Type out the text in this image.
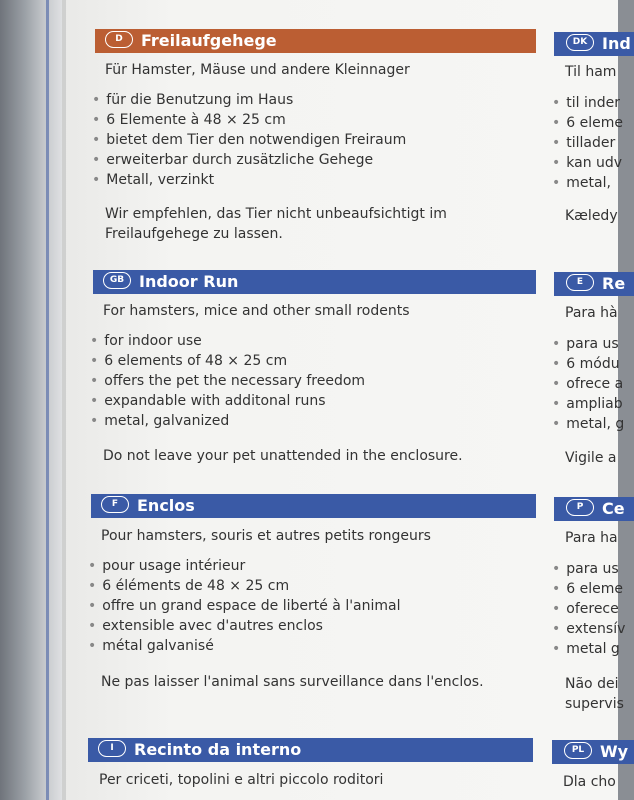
D Freilaufgehege
Für Hamster, Mäuse und andere Kleinnager
• für die Benutzung im Haus
• 6 Elemente à 48 × 25 cm
• bietet dem Tier den notwendigen Freiraum
• erweiterbar durch zusätzliche Gehege
• Metall, verzinkt
Wir empfehlen, das Tier nicht unbeaufsichtigt im
Freilaufgehege zu lassen.
GB Indoor Run
For hamsters, mice and other small rodents
• for indoor use
• 6 elements of 48 × 25 cm
• offers the pet the necessary freedom
• expandable with additonal runs
• metal, galvanized
Do not leave your pet unattended in the enclosure.
F Enclos
Pour hamsters, souris et autres petits rongeurs
• pour usage intérieur
• 6 éléments de 48 × 25 cm
• offre un grand espace de liberté à l'animal
• extensible avec d'autres enclos
• métal galvanisé
Ne pas laisser l'animal sans surveillance dans l'enclos.
I Recinto da interno
Per criceti, topolini e altri piccolo roditori
DK Ind
Til ham
• til inder
• 6 eleme
• tillader
• kan udv
• metal,
Kæledy
E Re
Para hà
• para us
• 6 módu
• ofrece a
• ampliab
• metal, g
Vigile a
P Ce
Para ha
• para us
• 6 eleme
• oferece
• extensív
• metal g
Não dei
supervis
PL Wy
Dla cho
